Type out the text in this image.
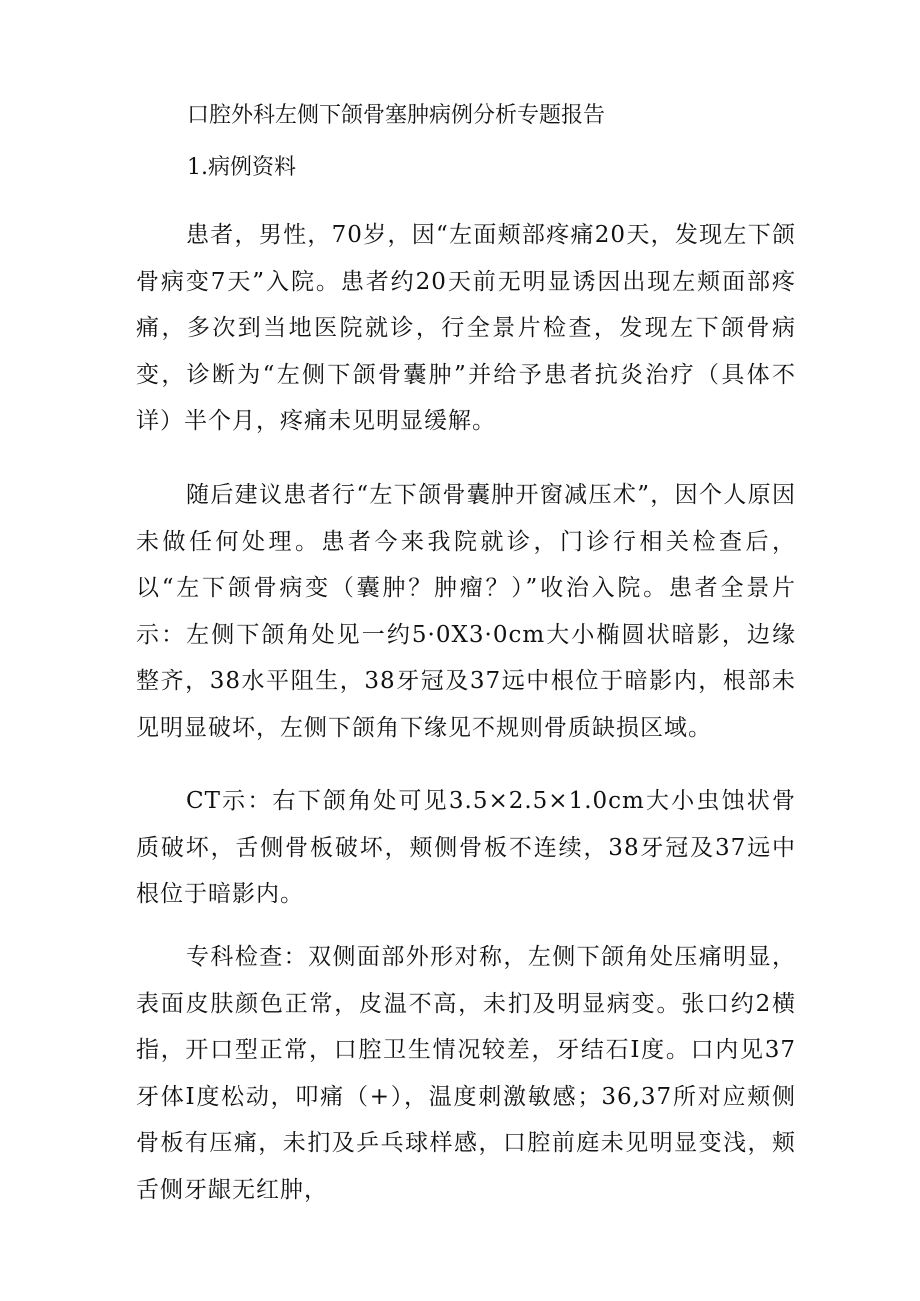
口腔外科左侧下颌骨塞肿病例分析专题报告
1.病例资料

患者，男性，70岁，因“左面颊部疼痛20天，发现左下颌骨病变7天”入院。患者约20天前无明显诱因出现左颊面部疼痛，多次到当地医院就诊，行全景片检查，发现左下颌骨病变，诊断为“左侧下颌骨囊肿”并给予患者抗炎治疗（具体不详）半个月，疼痛未见明显缓解。

随后建议患者行“左下颌骨囊肿开窗减压术”，因个人原因未做任何处理。患者今来我院就诊，门诊行相关检查后，以“左下颌骨病变（囊肿？肿瘤？）”收治入院。患者全景片示：左侧下颌角处见一约5·0X3·0cm大小椭圆状暗影，边缘整齐，38水平阻生，38牙冠及37远中根位于暗影内，根部未见明显破坏，左侧下颌角下缘见不规则骨质缺损区域。

CT示：右下颌角处可见3.5×2.5×1.0cm大小虫蚀状骨质破坏，舌侧骨板破坏，颊侧骨板不连续，38牙冠及37远中根位于暗影内。

专科检查：双侧面部外形对称，左侧下颌角处压痛明显，表面皮肤颜色正常，皮温不高，未扪及明显病变。张口约2横指，开口型正常，口腔卫生情况较差，牙结石I度。口内见37牙体I度松动，叩痛（+），温度刺激敏感；36,37所对应颊侧骨板有压痛，未扪及乒乓球样感，口腔前庭未见明显变浅，颊舌侧牙龈无红肿，
